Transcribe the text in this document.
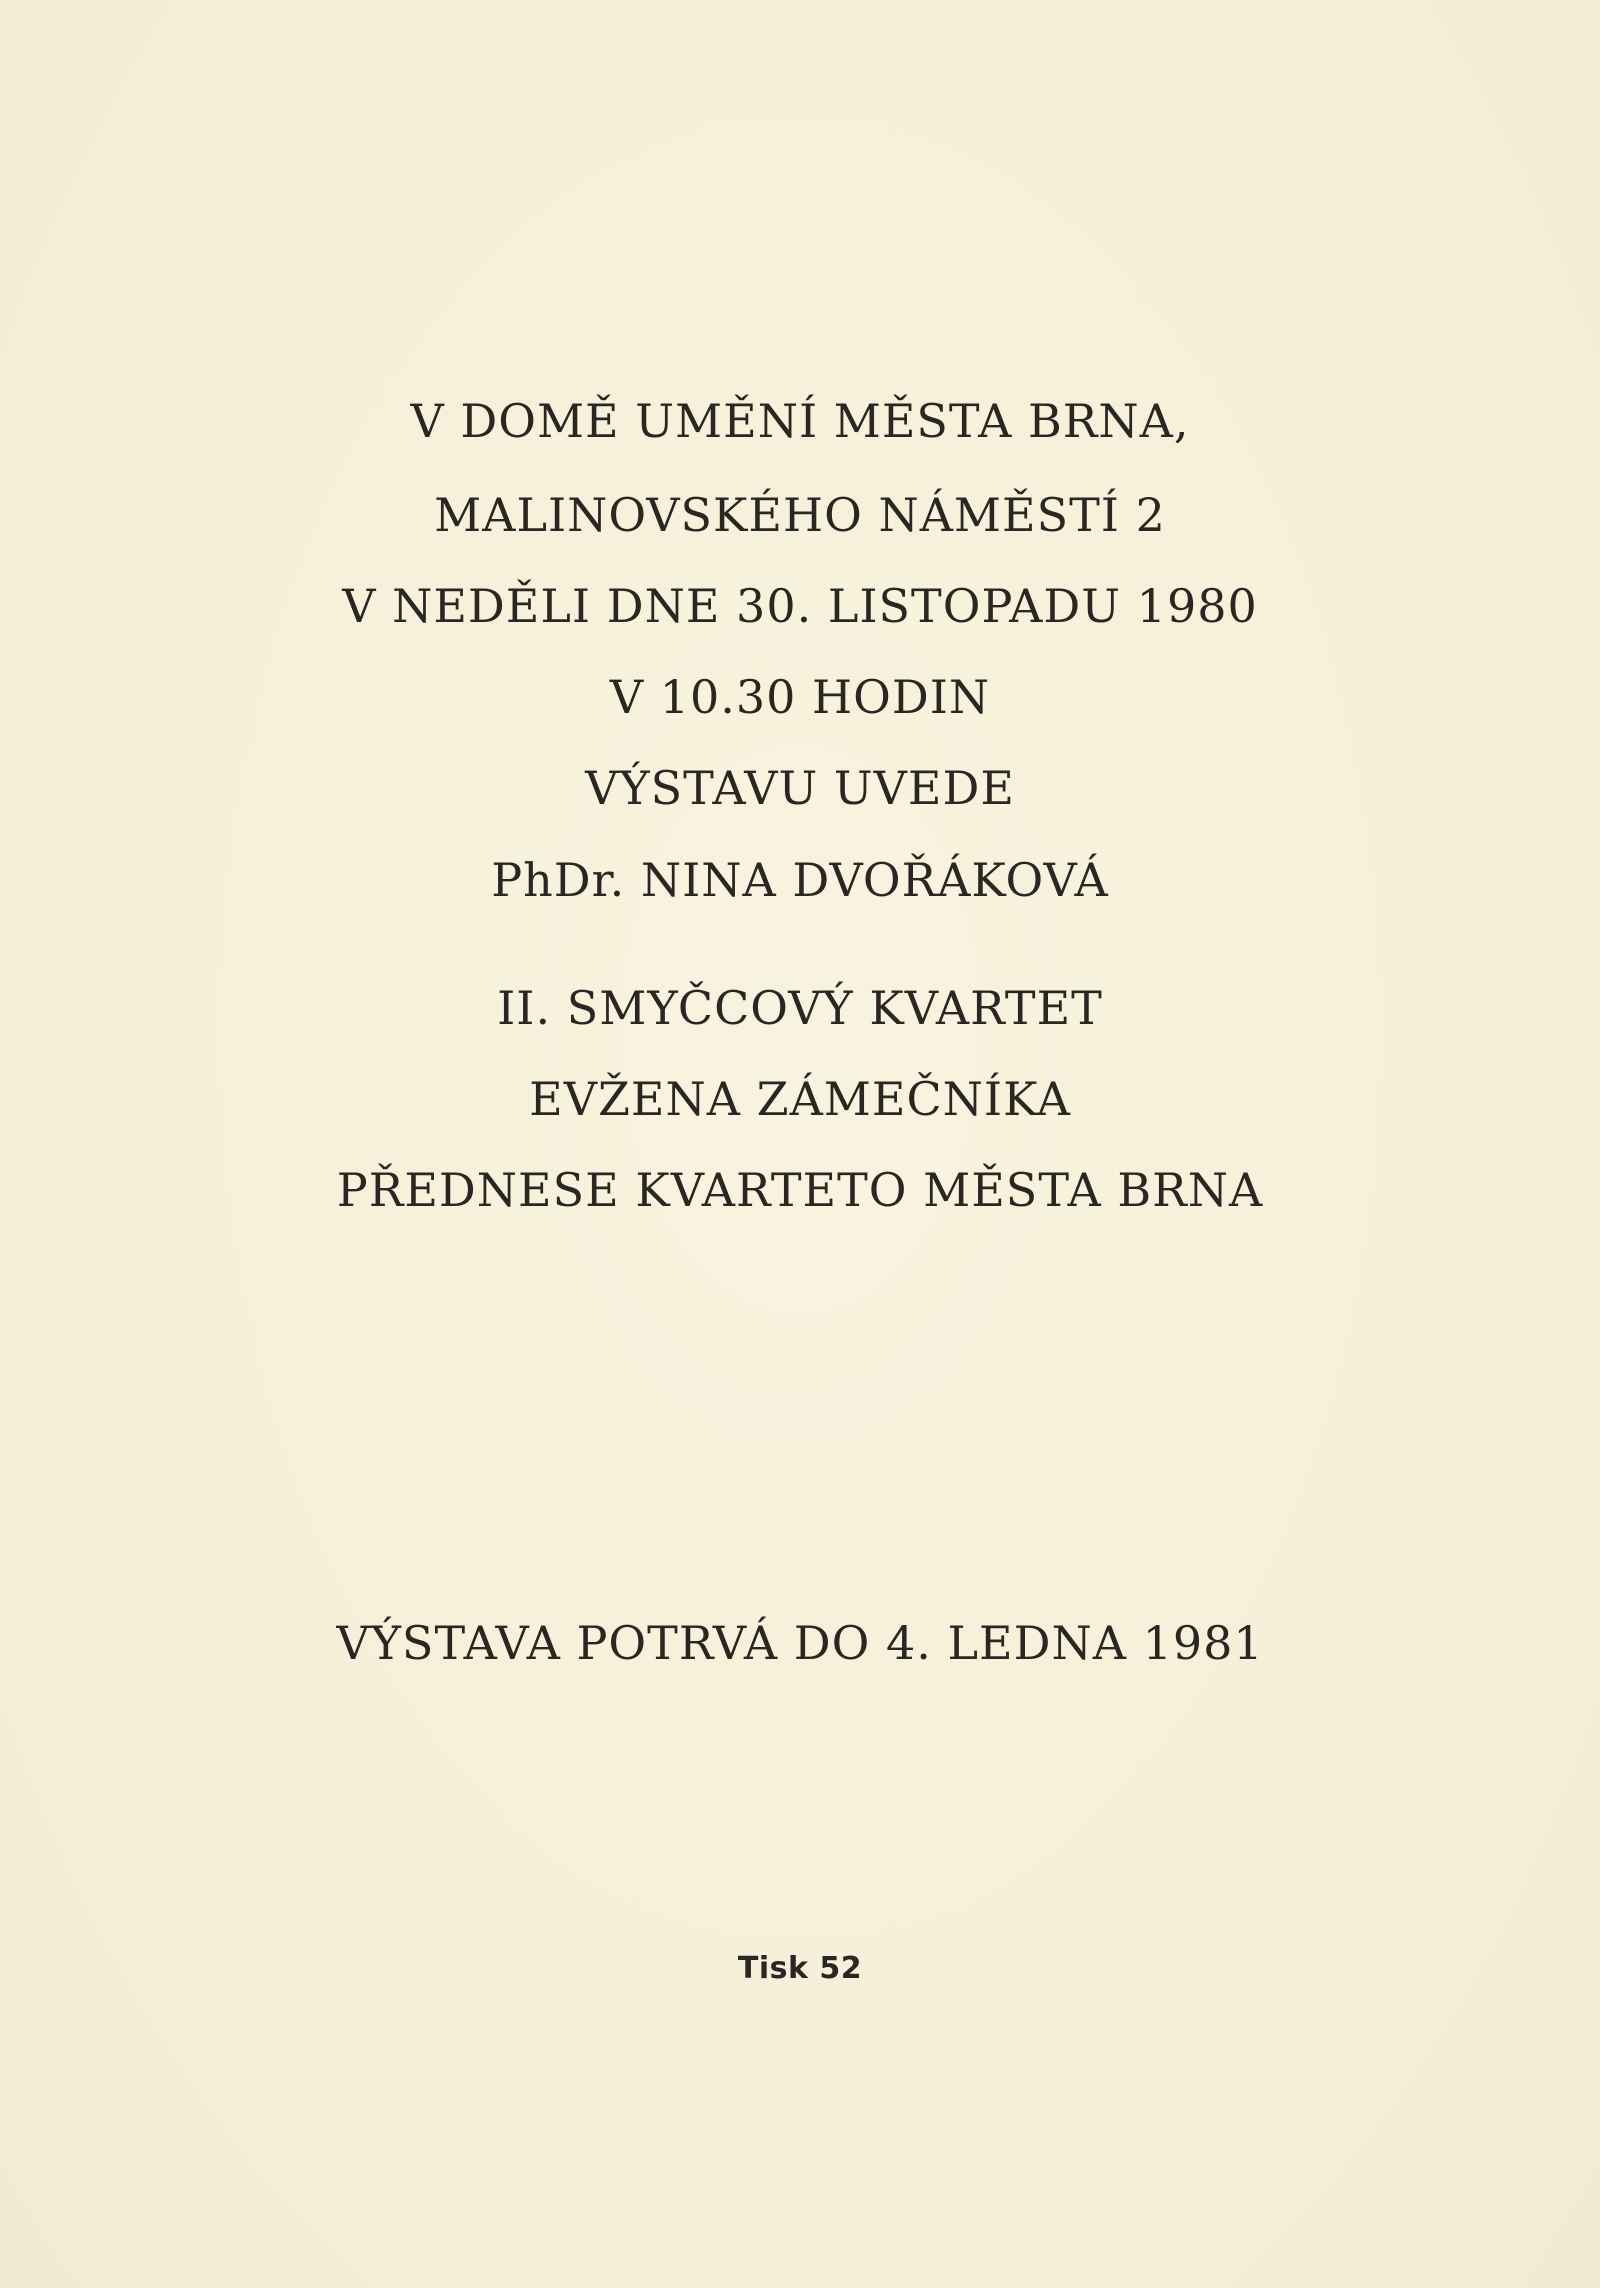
V DOMĚ UMĚNÍ MĚSTA BRNA,
MALINOVSKÉHO NÁMĚSTÍ 2
V NEDĚLI DNE 30. LISTOPADU 1980
V 10.30 HODIN
VÝSTAVU UVEDE
PhDr. NINA DVOŘÁKOVÁ
II. SMYČCOVÝ KVARTET
EVŽENA ZÁMEČNÍKA
PŘEDNESE KVARTETO MĚSTA BRNA
VÝSTAVA POTRVÁ DO 4. LEDNA 1981
Tisk 52
